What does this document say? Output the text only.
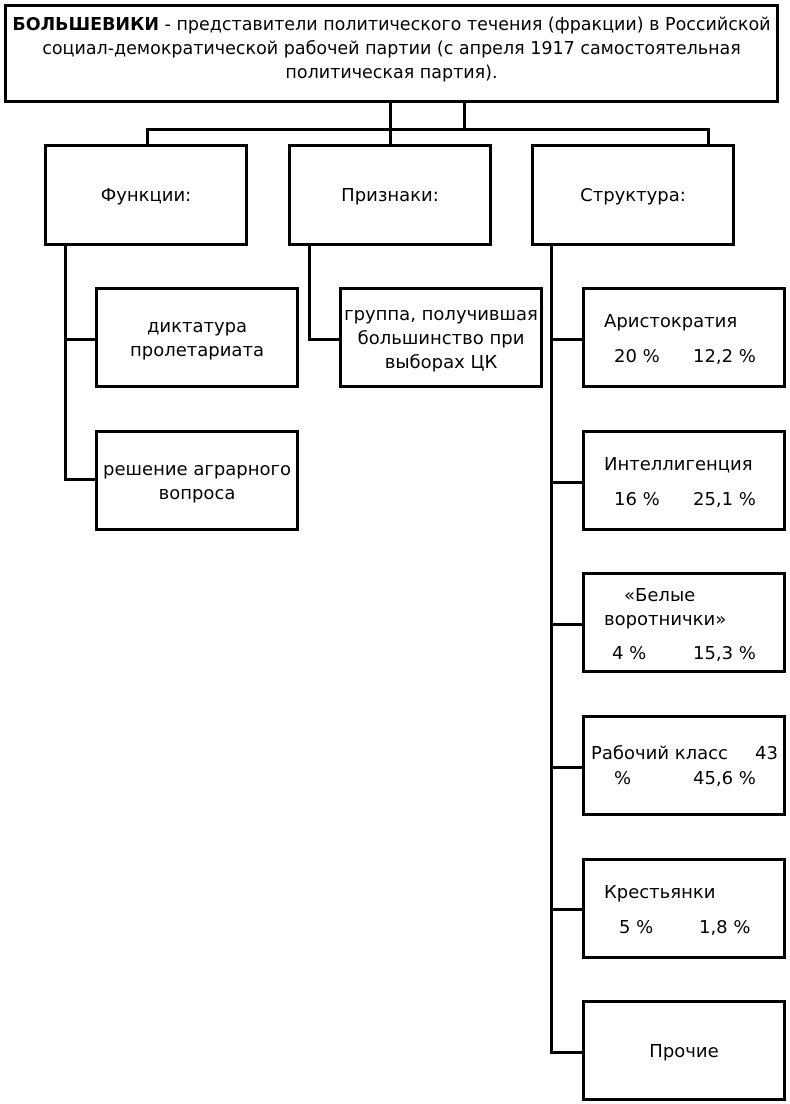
БОЛЬШЕВИКИ - представители политического течения (фракции) в Российской социал-демократической рабочей партии (с апреля 1917 самостоятельная политическая партия).
Функции:	Признаки:	Структура:
диктатура
пролетариата
решение аграрного
вопроса
группа, получившая
большинство при
выборах ЦК
Аристократия
20 % 12,2 %
Интеллигенция
16 % 25,1 %
«Белые
воротнички»
4 %	15,3 %
Рабочий класс 43
%	45,6 %
Крестьянки
5 %	1,8 %
Прочие
